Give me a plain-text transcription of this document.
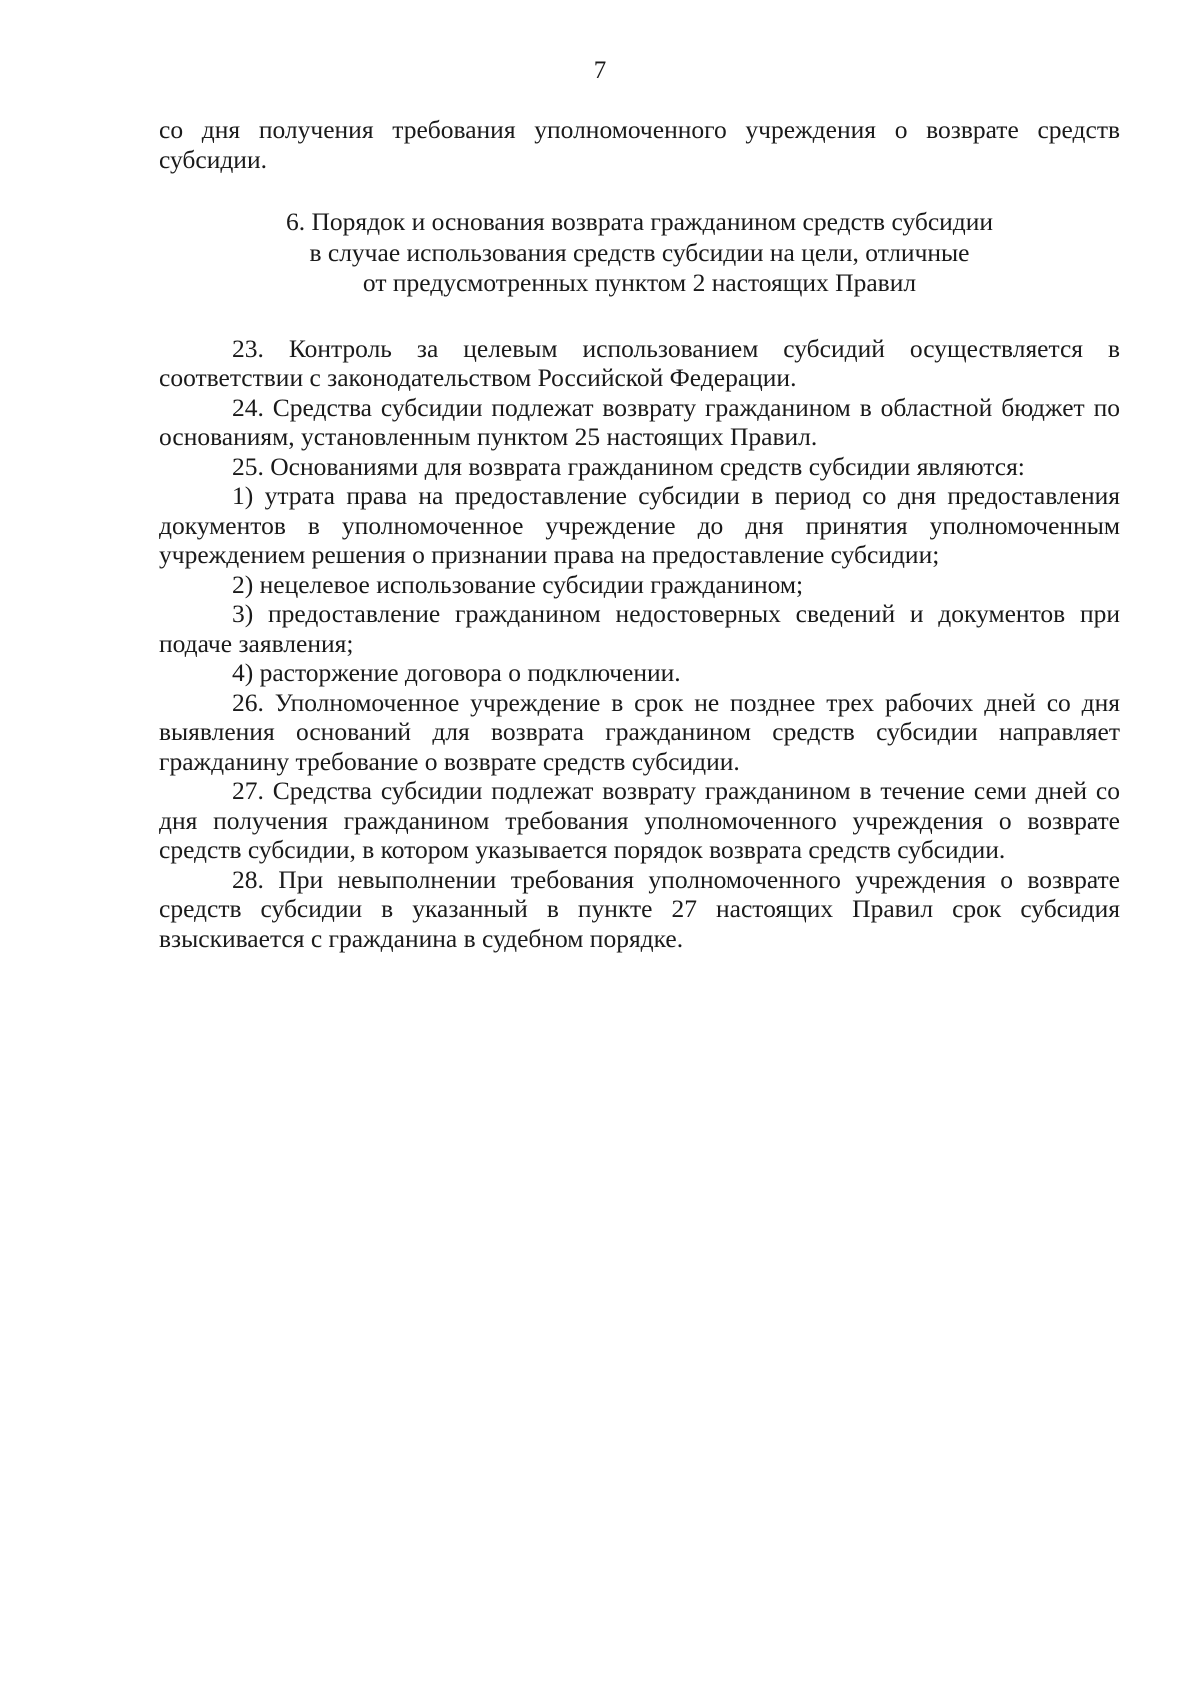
7

со дня получения требования уполномоченного учреждения о возврате средств субсидии.

6. Порядок и основания возврата гражданином средств субсидии
в случае использования средств субсидии на цели, отличные
от предусмотренных пунктом 2 настоящих Правил

23. Контроль за целевым использованием субсидий осуществляется в соответствии с законодательством Российской Федерации.

24. Средства субсидии подлежат возврату гражданином в областной бюджет по основаниям, установленным пунктом 25 настоящих Правил.

25. Основаниями для возврата гражданином средств субсидии являются:

1) утрата права на предоставление субсидии в период со дня предоставления документов в уполномоченное учреждение до дня принятия уполномоченным учреждением решения о признании права на предоставление субсидии;

2) нецелевое использование субсидии гражданином;

3) предоставление гражданином недостоверных сведений и документов при подаче заявления;

4) расторжение договора о подключении.

26. Уполномоченное учреждение в срок не позднее трех рабочих дней со дня выявления оснований для возврата гражданином средств субсидии направляет гражданину требование о возврате средств субсидии.

27. Средства субсидии подлежат возврату гражданином в течение семи дней со дня получения гражданином требования уполномоченного учреждения о возврате средств субсидии, в котором указывается порядок возврата средств субсидии.

28. При невыполнении требования уполномоченного учреждения о возврате средств субсидии в указанный в пункте 27 настоящих Правил срок субсидия взыскивается с гражданина в судебном порядке.
